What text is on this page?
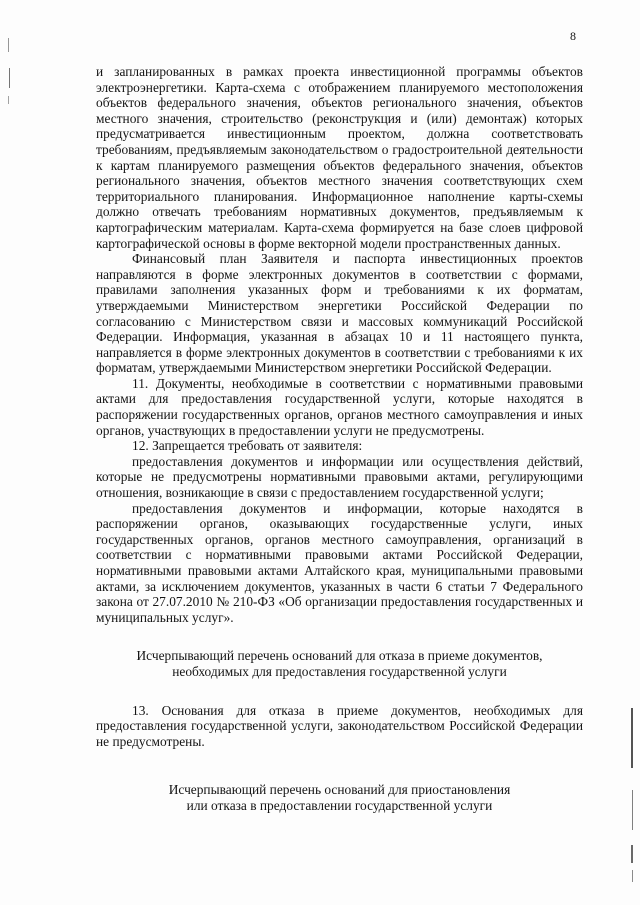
8

и запланированных в рамках проекта инвестиционной программы объектов электроэнергетики. Карта-схема с отображением планируемого местоположения объектов федерального значения, объектов регионального значения, объектов местного значения, строительство (реконструкция и (или) демонтаж) которых предусматривается инвестиционным проектом, должна соответствовать требованиям, предъявляемым законодательством о градостроительной деятельности к картам планируемого размещения объектов федерального значения, объектов регионального значения, объектов местного значения соответствующих схем территориального планирования. Информационное наполнение карты-схемы должно отвечать требованиям нормативных документов, предъявляемым к картографическим материалам. Карта-схема формируется на базе слоев цифровой картографической основы в форме векторной модели пространственных данных.

Финансовый план Заявителя и паспорта инвестиционных проектов направляются в форме электронных документов в соответствии с формами, правилами заполнения указанных форм и требованиями к их форматам, утверждаемыми Министерством энергетики Российской Федерации по согласованию с Министерством связи и массовых коммуникаций Российской Федерации. Информация, указанная в абзацах 10 и 11 настоящего пункта, направляется в форме электронных документов в соответствии с требованиями к их форматам, утверждаемыми Министерством энергетики Российской Федерации.

11. Документы, необходимые в соответствии с нормативными правовыми актами для предоставления государственной услуги, которые находятся в распоряжении государственных органов, органов местного самоуправления и иных органов, участвующих в предоставлении услуги не предусмотрены.

12. Запрещается требовать от заявителя:

предоставления документов и информации или осуществления действий, которые не предусмотрены нормативными правовыми актами, регулирующими отношения, возникающие в связи с предоставлением государственной услуги;

предоставления документов и информации, которые находятся в распоряжении органов, оказывающих государственные услуги, иных государственных органов, органов местного самоуправления, организаций в соответствии с нормативными правовыми актами Российской Федерации, нормативными правовыми актами Алтайского края, муниципальными правовыми актами, за исключением документов, указанных в части 6 статьи 7 Федерального закона от 27.07.2010 № 210-ФЗ «Об организации предоставления государственных и муниципальных услуг».

Исчерпывающий перечень оснований для отказа в приеме документов,
необходимых для предоставления государственной услуги

13. Основания для отказа в приеме документов, необходимых для предоставления государственной услуги, законодательством Российской Федерации не предусмотрены.

Исчерпывающий перечень оснований для приостановления
или отказа в предоставлении государственной услуги
